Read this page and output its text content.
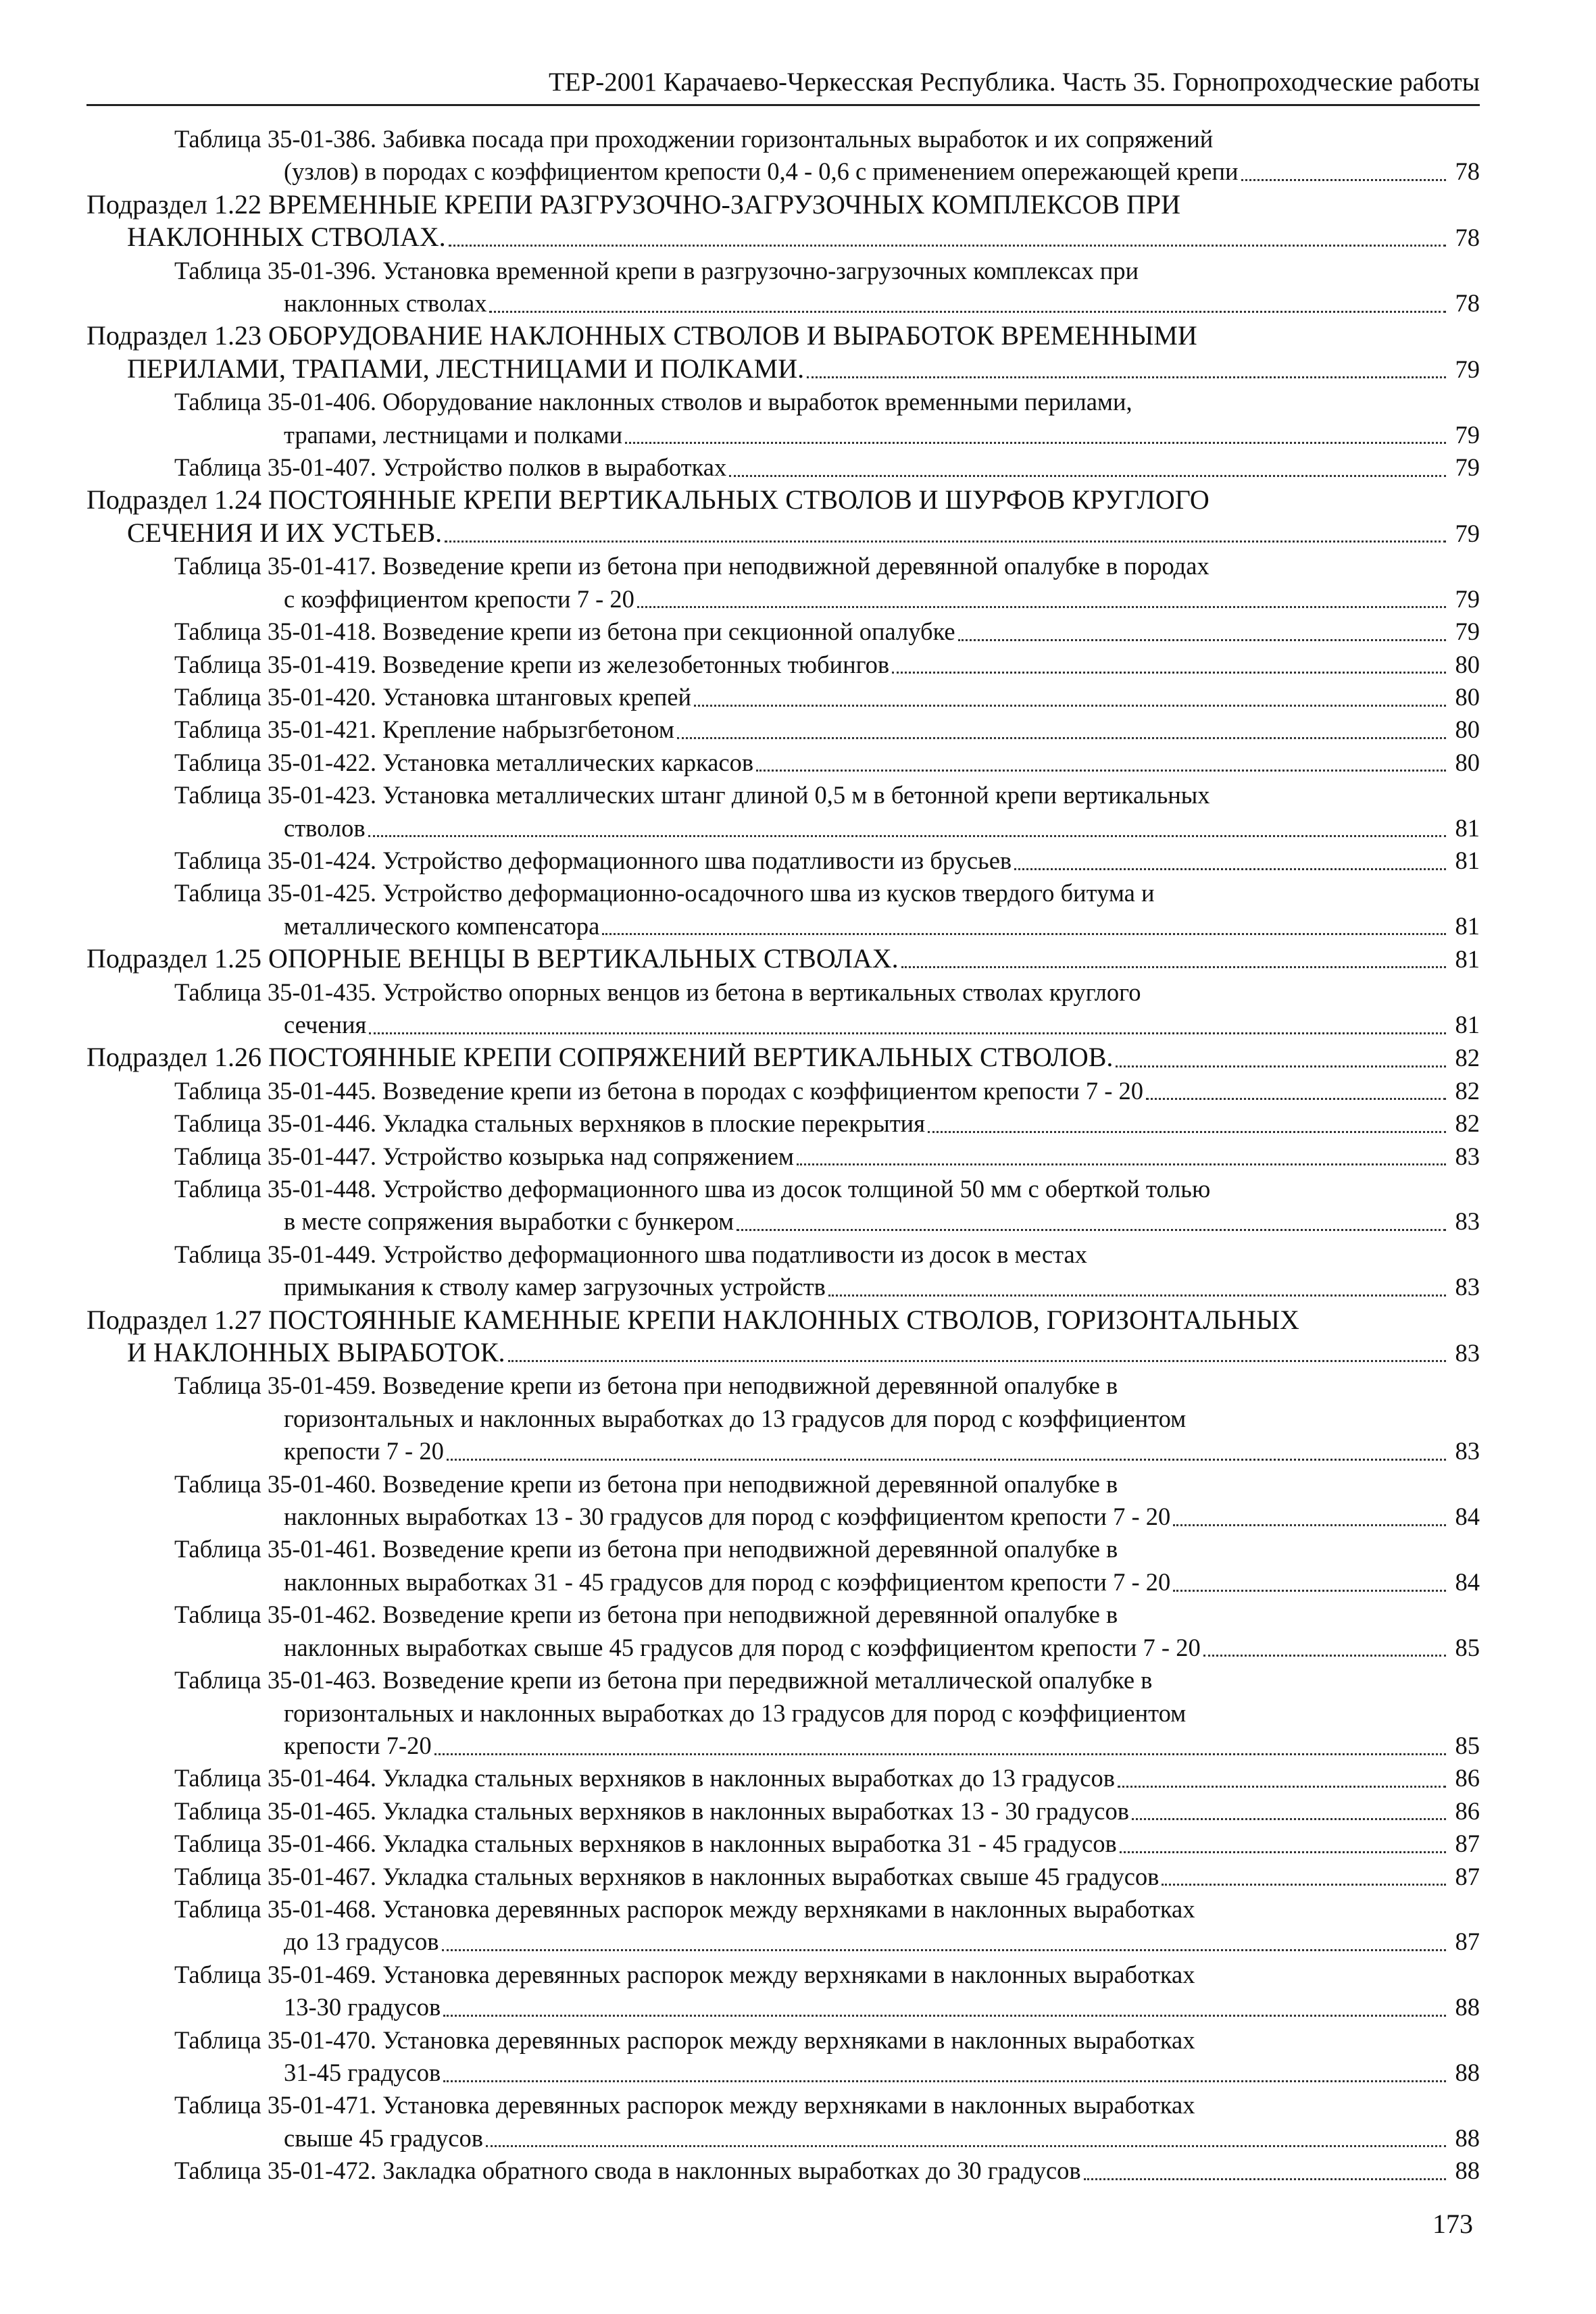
ТЕР-2001 Карачаево-Черкесская Республика. Часть 35. Горнопроходческие работы
Таблица 35-01-386. Забивка посада при проходжении горизонтальных выработок и их сопряжений
(узлов) в породах с коэффициентом крепости 0,4 - 0,6 с применением опережающей крепи	78
Подраздел 1.22 ВРЕМЕННЫЕ КРЕПИ РАЗГРУЗОЧНО-ЗАГРУЗОЧНЫХ КОМПЛЕКСОВ ПРИ
НАКЛОННЫХ СТВОЛАХ.	78
Таблица 35-01-396. Установка временной крепи в разгрузочно-загрузочных комплексах при
наклонных стволах	78
Подраздел 1.23 ОБОРУДОВАНИЕ НАКЛОННЫХ СТВОЛОВ И ВЫРАБОТОК ВРЕМЕННЫМИ
ПЕРИЛАМИ, ТРАПАМИ, ЛЕСТНИЦАМИ И ПОЛКАМИ.	79
Таблица 35-01-406. Оборудование наклонных стволов и выработок временными перилами,
трапами, лестницами и полками	79
Таблица 35-01-407. Устройство полков в выработках	79
Подраздел 1.24 ПОСТОЯННЫЕ КРЕПИ ВЕРТИКАЛЬНЫХ СТВОЛОВ И ШУРФОВ КРУГЛОГО
СЕЧЕНИЯ И ИХ УСТЬЕВ.	79
Таблица 35-01-417. Возведение крепи из бетона при неподвижной деревянной опалубке в породах
с коэффициентом крепости 7 - 20	79
Таблица 35-01-418. Возведение крепи из бетона при секционной опалубке	79
Таблица 35-01-419. Возведение крепи из железобетонных тюбингов	80
Таблица 35-01-420. Установка штанговых крепей	80
Таблица 35-01-421. Крепление набрызгбетоном	80
Таблица 35-01-422. Установка металлических каркасов	80
Таблица 35-01-423. Установка металлических штанг длиной 0,5 м в бетонной крепи вертикальных
стволов	81
Таблица 35-01-424. Устройство деформационного шва податливости из брусьев	81
Таблица 35-01-425. Устройство деформационно-осадочного шва из кусков твердого битума и
металлического компенсатора	81
Подраздел 1.25 ОПОРНЫЕ ВЕНЦЫ В ВЕРТИКАЛЬНЫХ СТВОЛАХ.	81
Таблица 35-01-435. Устройство опорных венцов из бетона в вертикальных стволах круглого
сечения	81
Подраздел 1.26 ПОСТОЯННЫЕ КРЕПИ СОПРЯЖЕНИЙ ВЕРТИКАЛЬНЫХ СТВОЛОВ.	82
Таблица 35-01-445. Возведение крепи из бетона в породах с коэффициентом крепости 7 - 20	82
Таблица 35-01-446. Укладка стальных верхняков в плоские перекрытия	82
Таблица 35-01-447. Устройство козырька над сопряжением	83
Таблица 35-01-448. Устройство деформационного шва из досок толщиной 50 мм с оберткой толью
в месте сопряжения выработки с бункером	83
Таблица 35-01-449. Устройство деформационного шва податливости из досок в местах
примыкания к стволу камер загрузочных устройств	83
Подраздел 1.27 ПОСТОЯННЫЕ КАМЕННЫЕ КРЕПИ НАКЛОННЫХ СТВОЛОВ, ГОРИЗОНТАЛЬНЫХ
И НАКЛОННЫХ ВЫРАБОТОК.	83
Таблица 35-01-459. Возведение крепи из бетона при неподвижной деревянной опалубке в
горизонтальных и наклонных выработках до 13 градусов для пород с коэффициентом
крепости 7 - 20	83
Таблица 35-01-460. Возведение крепи из бетона при неподвижной деревянной опалубке в
наклонных выработках 13 - 30 градусов для пород с коэффициентом крепости 7 - 20	84
Таблица 35-01-461. Возведение крепи из бетона при неподвижной деревянной опалубке в
наклонных выработках 31 - 45 градусов для пород с коэффициентом крепости 7 - 20	84
Таблица 35-01-462. Возведение крепи из бетона при неподвижной деревянной опалубке в
наклонных выработках свыше 45 градусов для пород с коэффициентом крепости 7 - 20	85
Таблица 35-01-463. Возведение крепи из бетона при передвижной металлической опалубке в
горизонтальных и наклонных выработках до 13 градусов для пород с коэффициентом
крепости 7-20	85
Таблица 35-01-464. Укладка стальных верхняков в наклонных выработках до 13 градусов	86
Таблица 35-01-465. Укладка стальных верхняков в наклонных выработках 13 - 30 градусов	86
Таблица 35-01-466. Укладка стальных верхняков в наклонных выработка 31 - 45 градусов	87
Таблица 35-01-467. Укладка стальных верхняков в наклонных выработках свыше 45 градусов	87
Таблица 35-01-468. Установка деревянных распорок между верхняками в наклонных выработках
до 13 градусов	87
Таблица 35-01-469. Установка деревянных распорок между верхняками в наклонных выработках
13-30 градусов	88
Таблица 35-01-470. Установка деревянных распорок между верхняками в наклонных выработках
31-45 градусов	88
Таблица 35-01-471. Установка деревянных распорок между верхняками в наклонных выработках
свыше 45 градусов	88
Таблица 35-01-472. Закладка обратного свода в наклонных выработках до 30 градусов	88
173
